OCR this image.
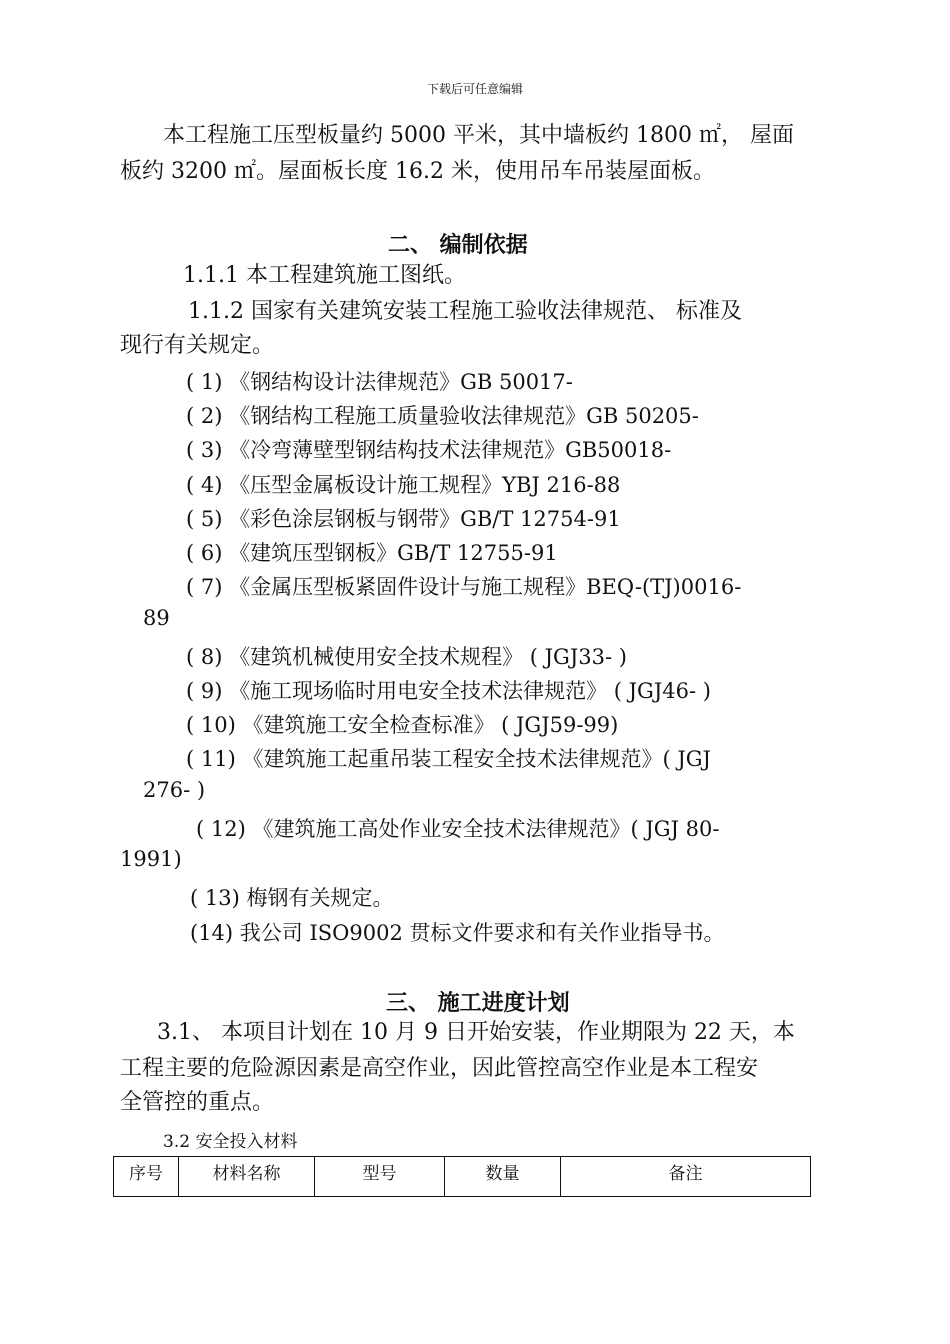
下载后可任意编辑
本工程施工压型板量约 5000 平米，其中墙板约 1800 ㎡， 屋面
板约 3200 ㎡。屋面板长度 16.2 米，使用吊车吊装屋面板。
二、 编制依据
1.1.1 本工程建筑施工图纸。
1.1.2 国家有关建筑安装工程施工验收法律规范、 标准及
现行有关规定。
( 1) 《钢结构设计法律规范》GB 50017-
( 2) 《钢结构工程施工质量验收法律规范》GB 50205-
( 3) 《冷弯薄壁型钢结构技术法律规范》GB50018-
( 4) 《压型金属板设计施工规程》YBJ 216-88
( 5) 《彩色涂层钢板与钢带》GB/T 12754-91
( 6) 《建筑压型钢板》GB/T 12755-91
( 7) 《金属压型板紧固件设计与施工规程》BEQ-(TJ)0016-
89
( 8) 《建筑机械使用安全技术规程》 ( JGJ33- )
( 9) 《施工现场临时用电安全技术法律规范》 ( JGJ46- )
( 10) 《建筑施工安全检查标准》 ( JGJ59-99)
( 11) 《建筑施工起重吊装工程安全技术法律规范》( JGJ
276- )
( 12) 《建筑施工高处作业安全技术法律规范》( JGJ 80-
1991)
( 13) 梅钢有关规定。
(14) 我公司 ISO9002 贯标文件要求和有关作业指导书。
三、 施工进度计划
3.1、 本项目计划在 10 月 9 日开始安装，作业期限为 22 天，本
工程主要的危险源因素是高空作业，因此管控高空作业是本工程安
全管控的重点。
3.2 安全投入材料
序号	材料名称	型号	数量	备注
